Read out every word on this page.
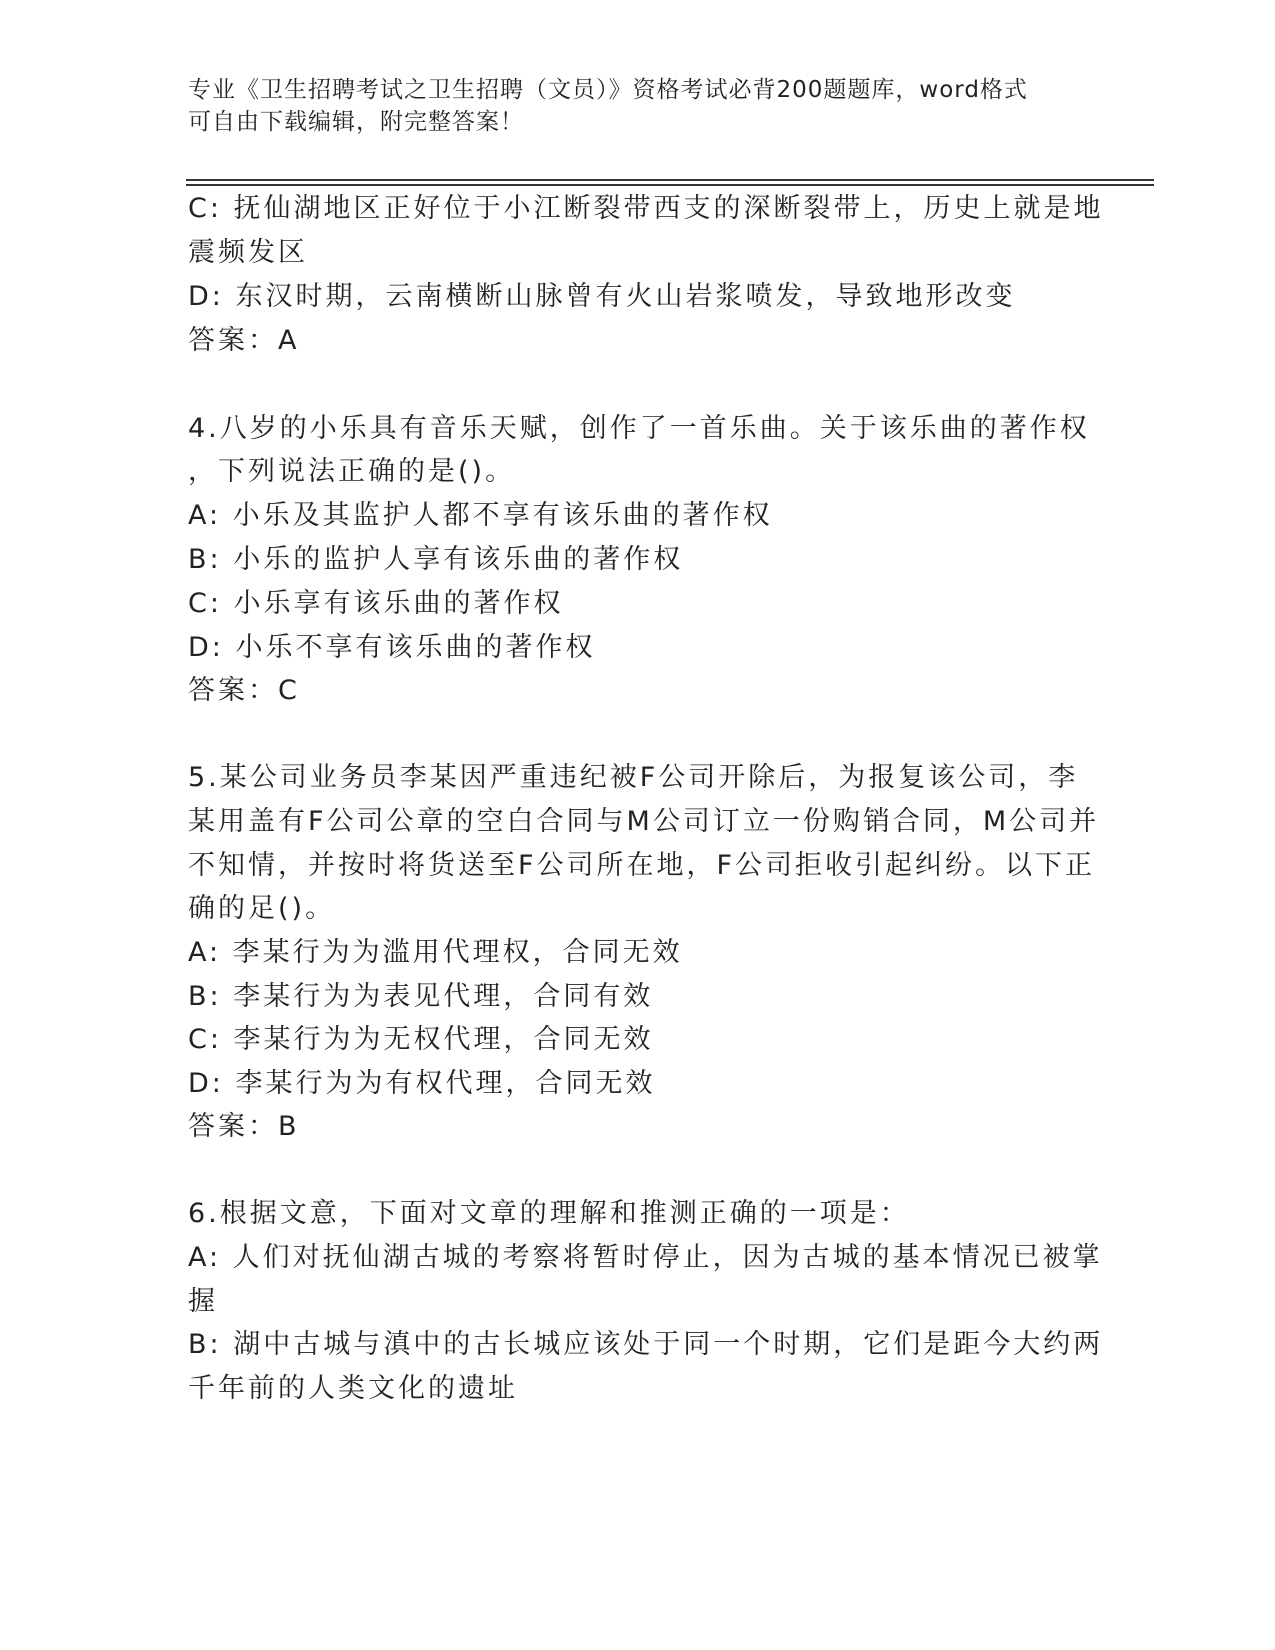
专业《卫生招聘考试之卫生招聘（文员）》资格考试必背200题题库，word格式
可自由下载编辑，附完整答案！
C: 抚仙湖地区正好位于小江断裂带西支的深断裂带上，历史上就是地
震频发区
D: 东汉时期，云南横断山脉曾有火山岩浆喷发，导致地形改变
答案：A
4.八岁的小乐具有音乐天赋，创作了一首乐曲。关于该乐曲的著作权
，下列说法正确的是()。
A: 小乐及其监护人都不享有该乐曲的著作权
B: 小乐的监护人享有该乐曲的著作权
C: 小乐享有该乐曲的著作权
D: 小乐不享有该乐曲的著作权
答案：C
5.某公司业务员李某因严重违纪被F公司开除后，为报复该公司，李
某用盖有F公司公章的空白合同与M公司订立一份购销合同，M公司并
不知情，并按时将货送至F公司所在地，F公司拒收引起纠纷。以下正
确的足()。
A: 李某行为为滥用代理权，合同无效
B: 李某行为为表见代理，合同有效
C: 李某行为为无权代理，合同无效
D: 李某行为为有权代理，合同无效
答案：B
6.根据文意，下面对文章的理解和推测正确的一项是：
A: 人们对抚仙湖古城的考察将暂时停止，因为古城的基本情况已被掌
握
B: 湖中古城与滇中的古长城应该处于同一个时期，它们是距今大约两
千年前的人类文化的遗址
